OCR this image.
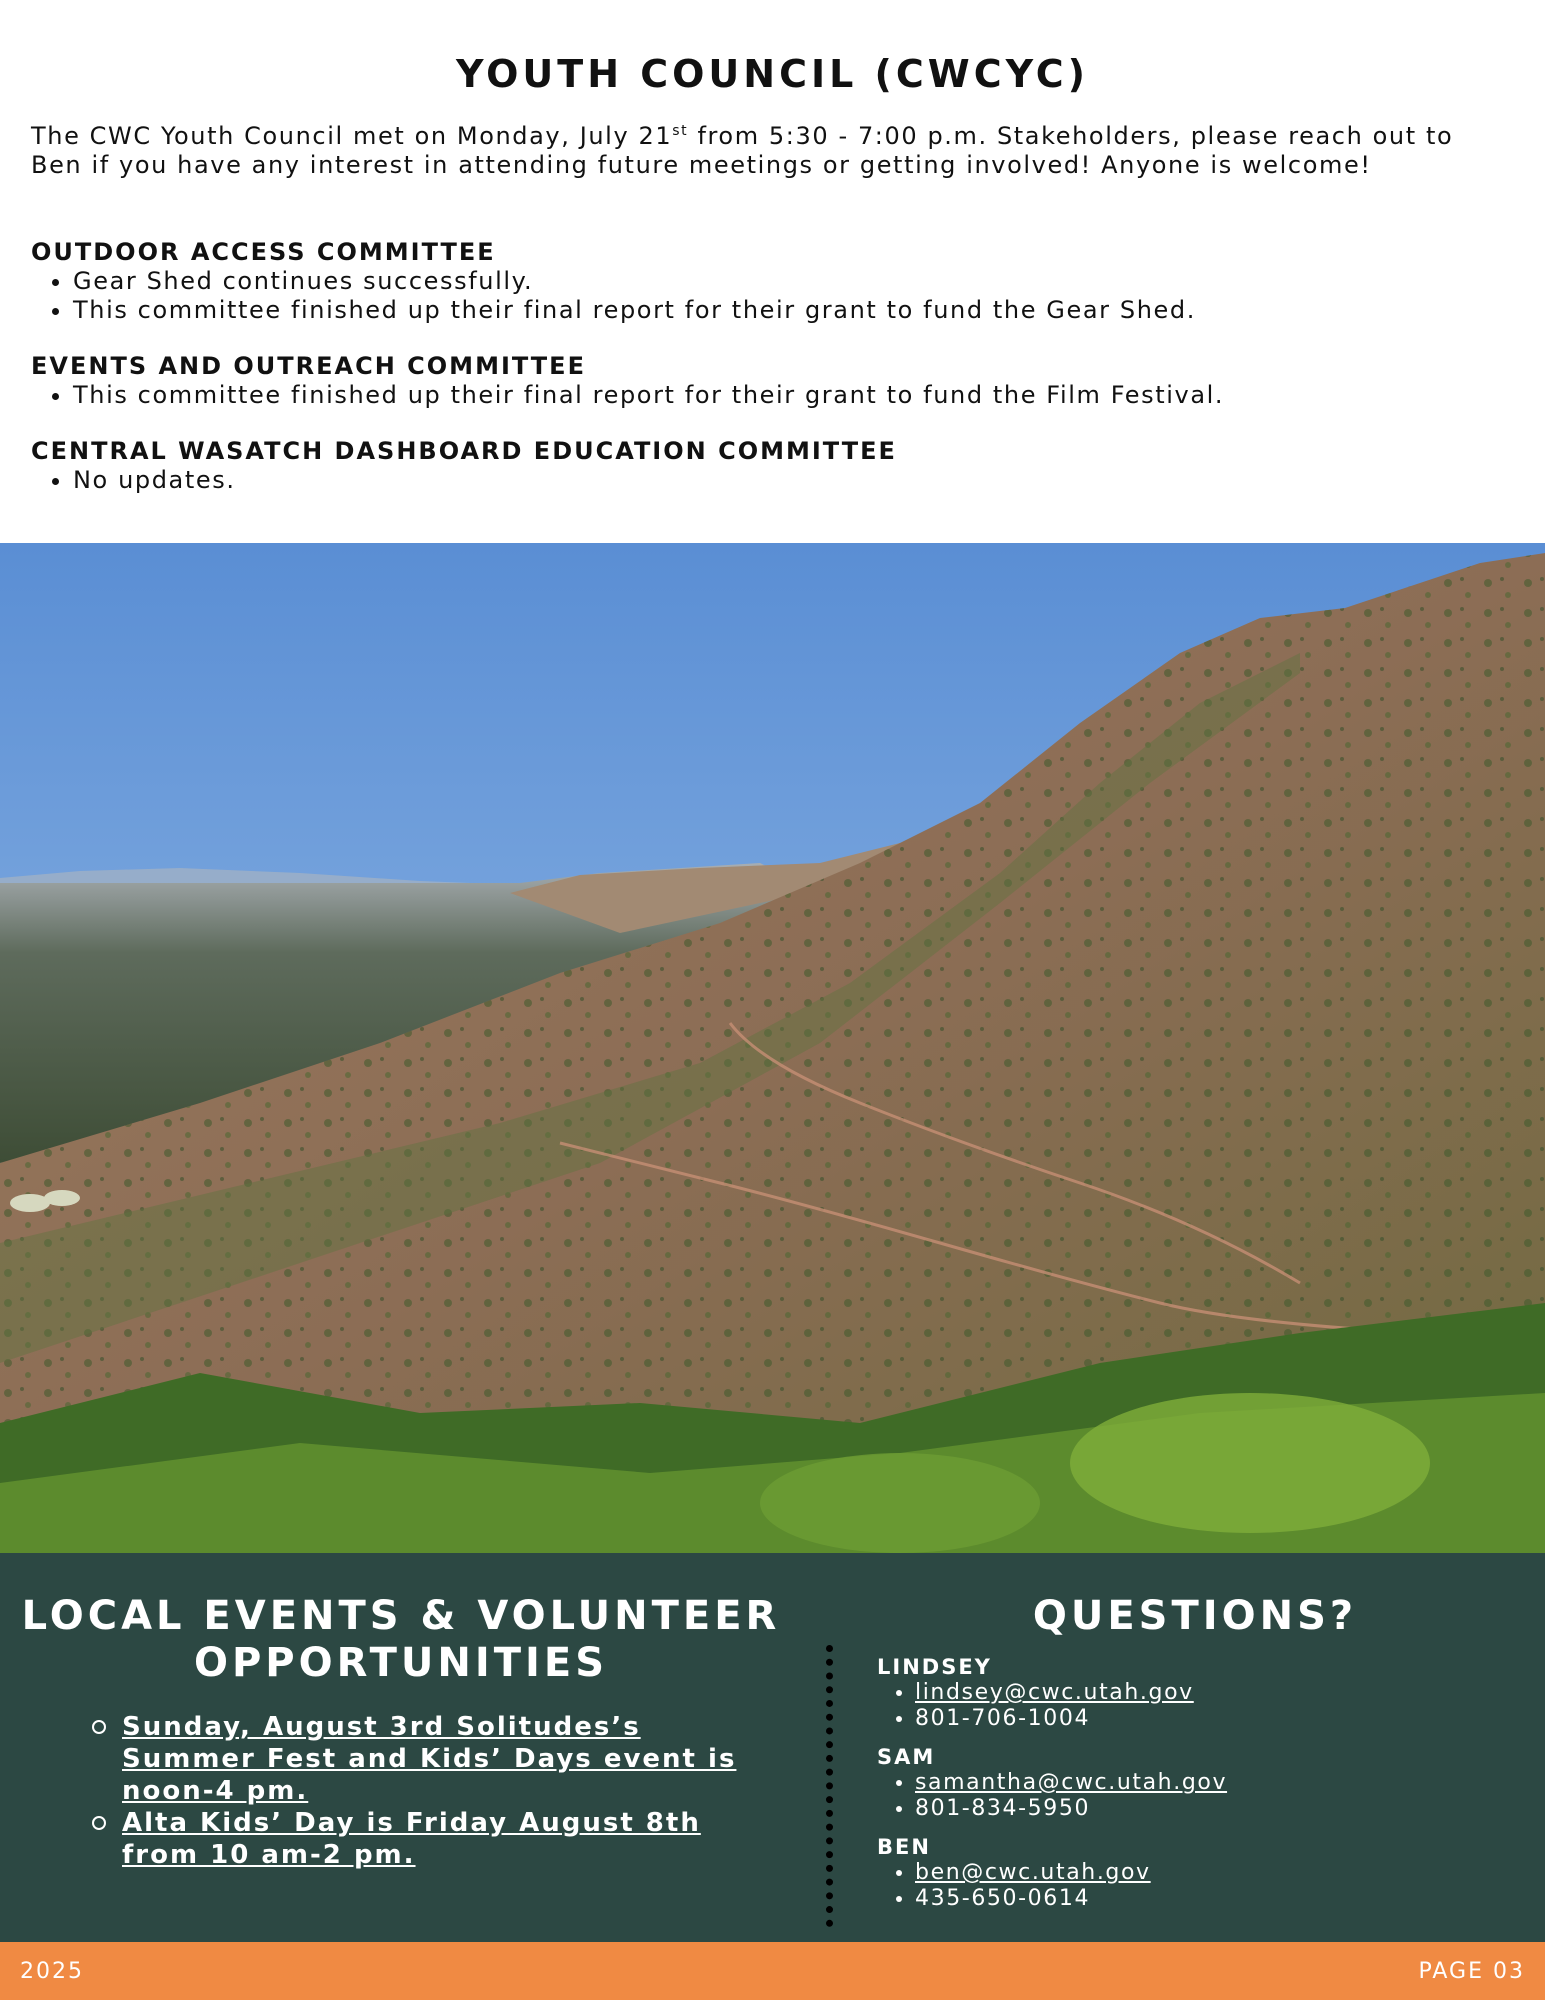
YOUTH COUNCIL (CWCYC)

The CWC Youth Council met on Monday, July 21st from 5:30 - 7:00 p.m. Stakeholders, please reach out to Ben if you have any interest in attending future meetings or getting involved! Anyone is welcome!

OUTDOOR ACCESS COMMITTEE
• Gear Shed continues successfully.
• This committee finished up their final report for their grant to fund the Gear Shed.
EVENTS AND OUTREACH COMMITTEE
• This committee finished up their final report for their grant to fund the Film Festival.
CENTRAL WASATCH DASHBOARD EDUCATION COMMITTEE
• No updates.
LOCAL EVENTS & VOLUNTEER OPPORTUNITIES
Sunday, August 3rd Solitudes’s Summer Fest and Kids’ Days event is noon-4 pm.
Alta Kids’ Day is Friday August 8th from 10 am-2 pm.
QUESTIONS?
LINDSEY
• lindsey@cwc.utah.gov
• 801-706-1004
SAM
• samantha@cwc.utah.gov
• 801-834-5950
BEN
• ben@cwc.utah.gov
• 435-650-0614
2025	PAGE 03
